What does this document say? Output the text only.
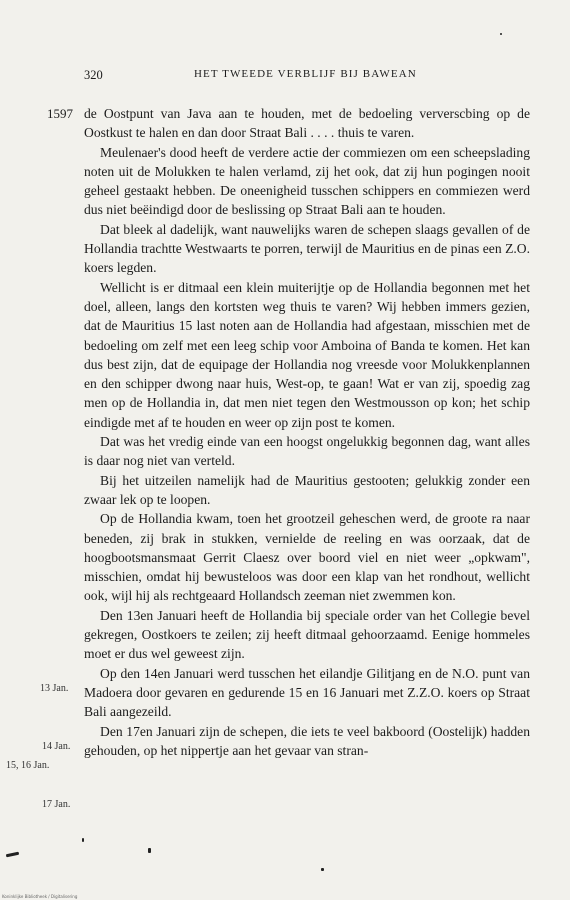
320	HET TWEEDE VERBLIJF BIJ BAWEAN
1597 de Oostpunt van Java aan te houden, met de bedoeling ververscbing op de Oostkust te halen en dan door Straat Bali . . . . thuis te varen.

Meulenaer's dood heeft de verdere actie der commiezen om een scheepslading noten uit de Molukken te halen verlamd, zij het ook, dat zij hun pogingen nooit geheel gestaakt hebben. De oneenigheid tusschen schippers en commiezen werd dus niet beëindigd door de beslissing op Straat Bali aan te houden.

Dat bleek al dadelijk, want nauwelijks waren de schepen slaags gevallen of de Hollandia trachtte Westwaarts te porren, terwijl de Mauritius en de pinas een Z.O. koers legden.

Wellicht is er ditmaal een klein muiterijtje op de Hollandia begonnen met het doel, alleen, langs den kortsten weg thuis te varen? Wij hebben immers gezien, dat de Mauritius 15 last noten aan de Hollandia had afgestaan, misschien met de bedoeling om zelf met een leeg schip voor Amboina of Banda te komen. Het kan dus best zijn, dat de equipage der Hollandia nog vreesde voor Molukkenplannen en den schipper dwong naar huis, West-op, te gaan! Wat er van zij, spoedig zag men op de Hollandia in, dat men niet tegen den Westmousson op kon; het schip eindigde met af te houden en weer op zijn post te komen.

Dat was het vredig einde van een hoogst ongelukkig begonnen dag, want alles is daar nog niet van verteld.

Bij het uitzeilen namelijk had de Mauritius gestooten; gelukkig zonder een zwaar lek op te loopen.

Op de Hollandia kwam, toen het grootzeil geheschen werd, de groote ra naar beneden, zij brak in stukken, vernielde de reeling en was oorzaak, dat de hoogbootsmansmaat Gerrit Claesz over boord viel en niet weer „opkwam", misschien, omdat hij bewusteloos was door een klap van het rondhout, wellicht ook, wijl hij als rechtgeaard Hollandsch zeeman niet zwemmen kon.

Den 13en Januari heeft de Hollandia bij speciale order van het Collegie bevel gekregen, Oostkoers te zeilen; zij heeft ditmaal gehoorzaamd. Eenige hommeles moet er dus wel geweest zijn.

Op den 14en Januari werd tusschen het eilandje Gilitjang en de N.O. punt van Madoera door gevaren en gedurende 15 en 16 Januari met Z.Z.O. koers op Straat Bali aangezeild.

Den 17en Januari zijn de schepen, die iets te veel bakboord (Oostelijk) hadden gehouden, op het nippertje aan het gevaar van stran-

13 Jan.
14 Jan.
15, 16 Jan.
17 Jan.
Koninklijke Bibliotheek / Digitalisering
